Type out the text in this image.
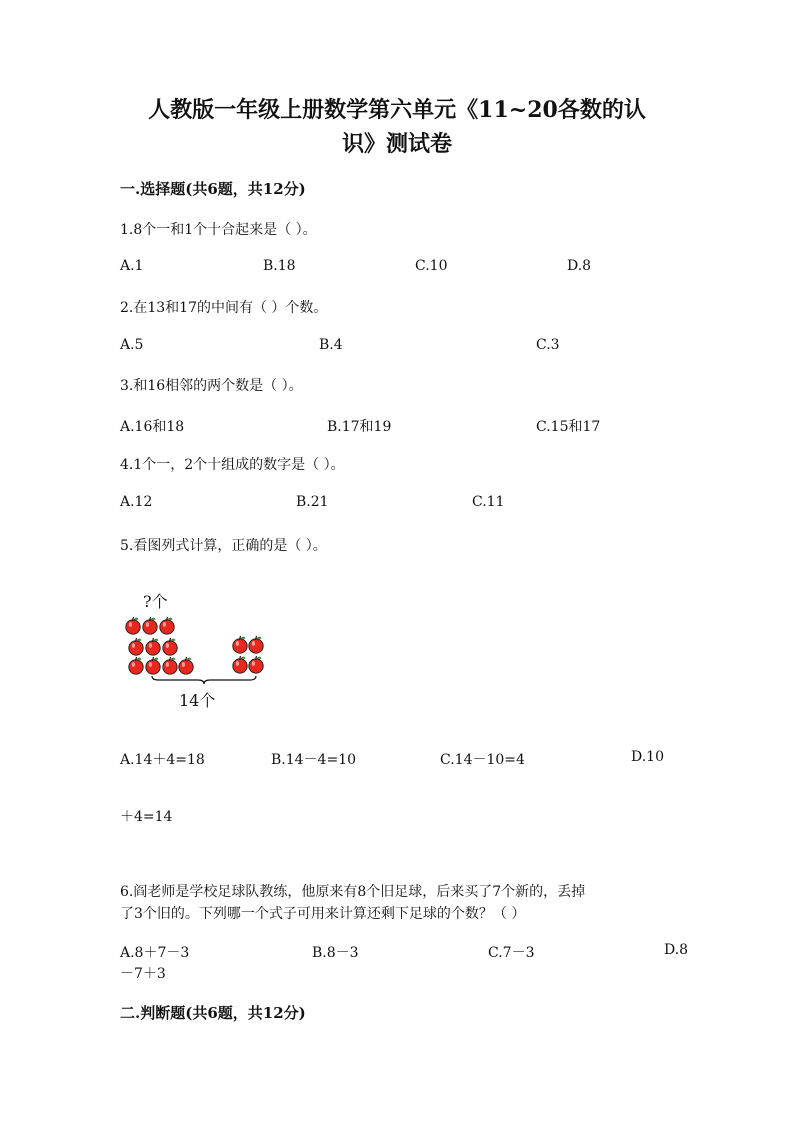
人教版一年级上册数学第六单元《11~20各数的认
识》测试卷
一.选择题(共6题，共12分)
1.8个一和1个十合起来是（ ）。
A.1	B.18	C.10	D.8
2.在13和17的中间有（ ）个数。
A.5	B.4	C.3
3.和16相邻的两个数是（ ）。
A.16和18	B.17和19	C.15和17
4.1个一，2个十组成的数字是（ ）。
A.12	B.21	C.11
5.看图列式计算，正确的是（ ）。
?个
14个
A.14＋4=18	B.14－4=10	C.14－10=4	D.10
＋4=14
6.阎老师是学校足球队教练，他原来有8个旧足球，后来买了7个新的，丢掉
了3个旧的。下列哪一个式子可用来计算还剩下足球的个数？（ ）
A.8＋7－3	B.8－3	C.7－3	D.8
－7＋3
二.判断题(共6题，共12分)
